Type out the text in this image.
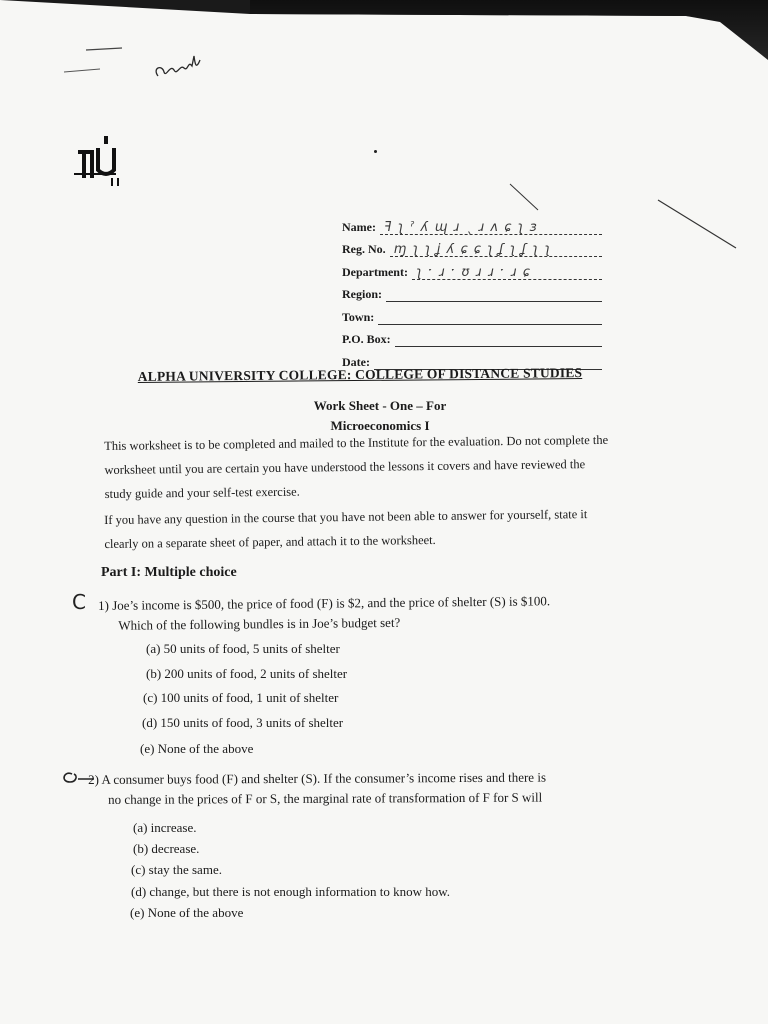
Name: ꟻ ʅ ˀ ʎ ɰ ɹ ˎ ɹ ʌ ɕ ʅ ɜ
Reg. No. ɱ ʅ ʅ ʝ ʎ ɕ ɕ ʅ ʆ ʅ ʆ ʅ ʅ
Department: ʅ ˑ ɹ ˑ ʊ ɹ ɹ ˑ ɹ ɕ
Region:
Town:
P.O. Box:
Date:
ALPHA UNIVERSITY COLLEGE: COLLEGE OF DISTANCE STUDIES
Work Sheet - One – For
Microeconomics I
This worksheet is to be completed and mailed to the Institute for the evaluation. Do not complete the worksheet until you are certain you have understood the lessons it covers and have reviewed the study guide and your self-test exercise.
If you have any question in the course that you have not been able to answer for yourself, state it clearly on a separate sheet of paper, and attach it to the worksheet.
Part I: Multiple choice
C 1) Joe’s income is $500, the price of food (F) is $2, and the price of shelter (S) is $100.
Which of the following bundles is in Joe’s budget set?
(a) 50 units of food, 5 units of shelter
(b) 200 units of food, 2 units of shelter
(c) 100 units of food, 1 unit of shelter
(d) 150 units of food, 3 units of shelter
(e) None of the above
2) A consumer buys food (F) and shelter (S). If the consumer’s income rises and there is
no change in the prices of F or S, the marginal rate of transformation of F for S will
(a) increase.
(b) decrease.
(c) stay the same.
(d) change, but there is not enough information to know how.
(e) None of the above
